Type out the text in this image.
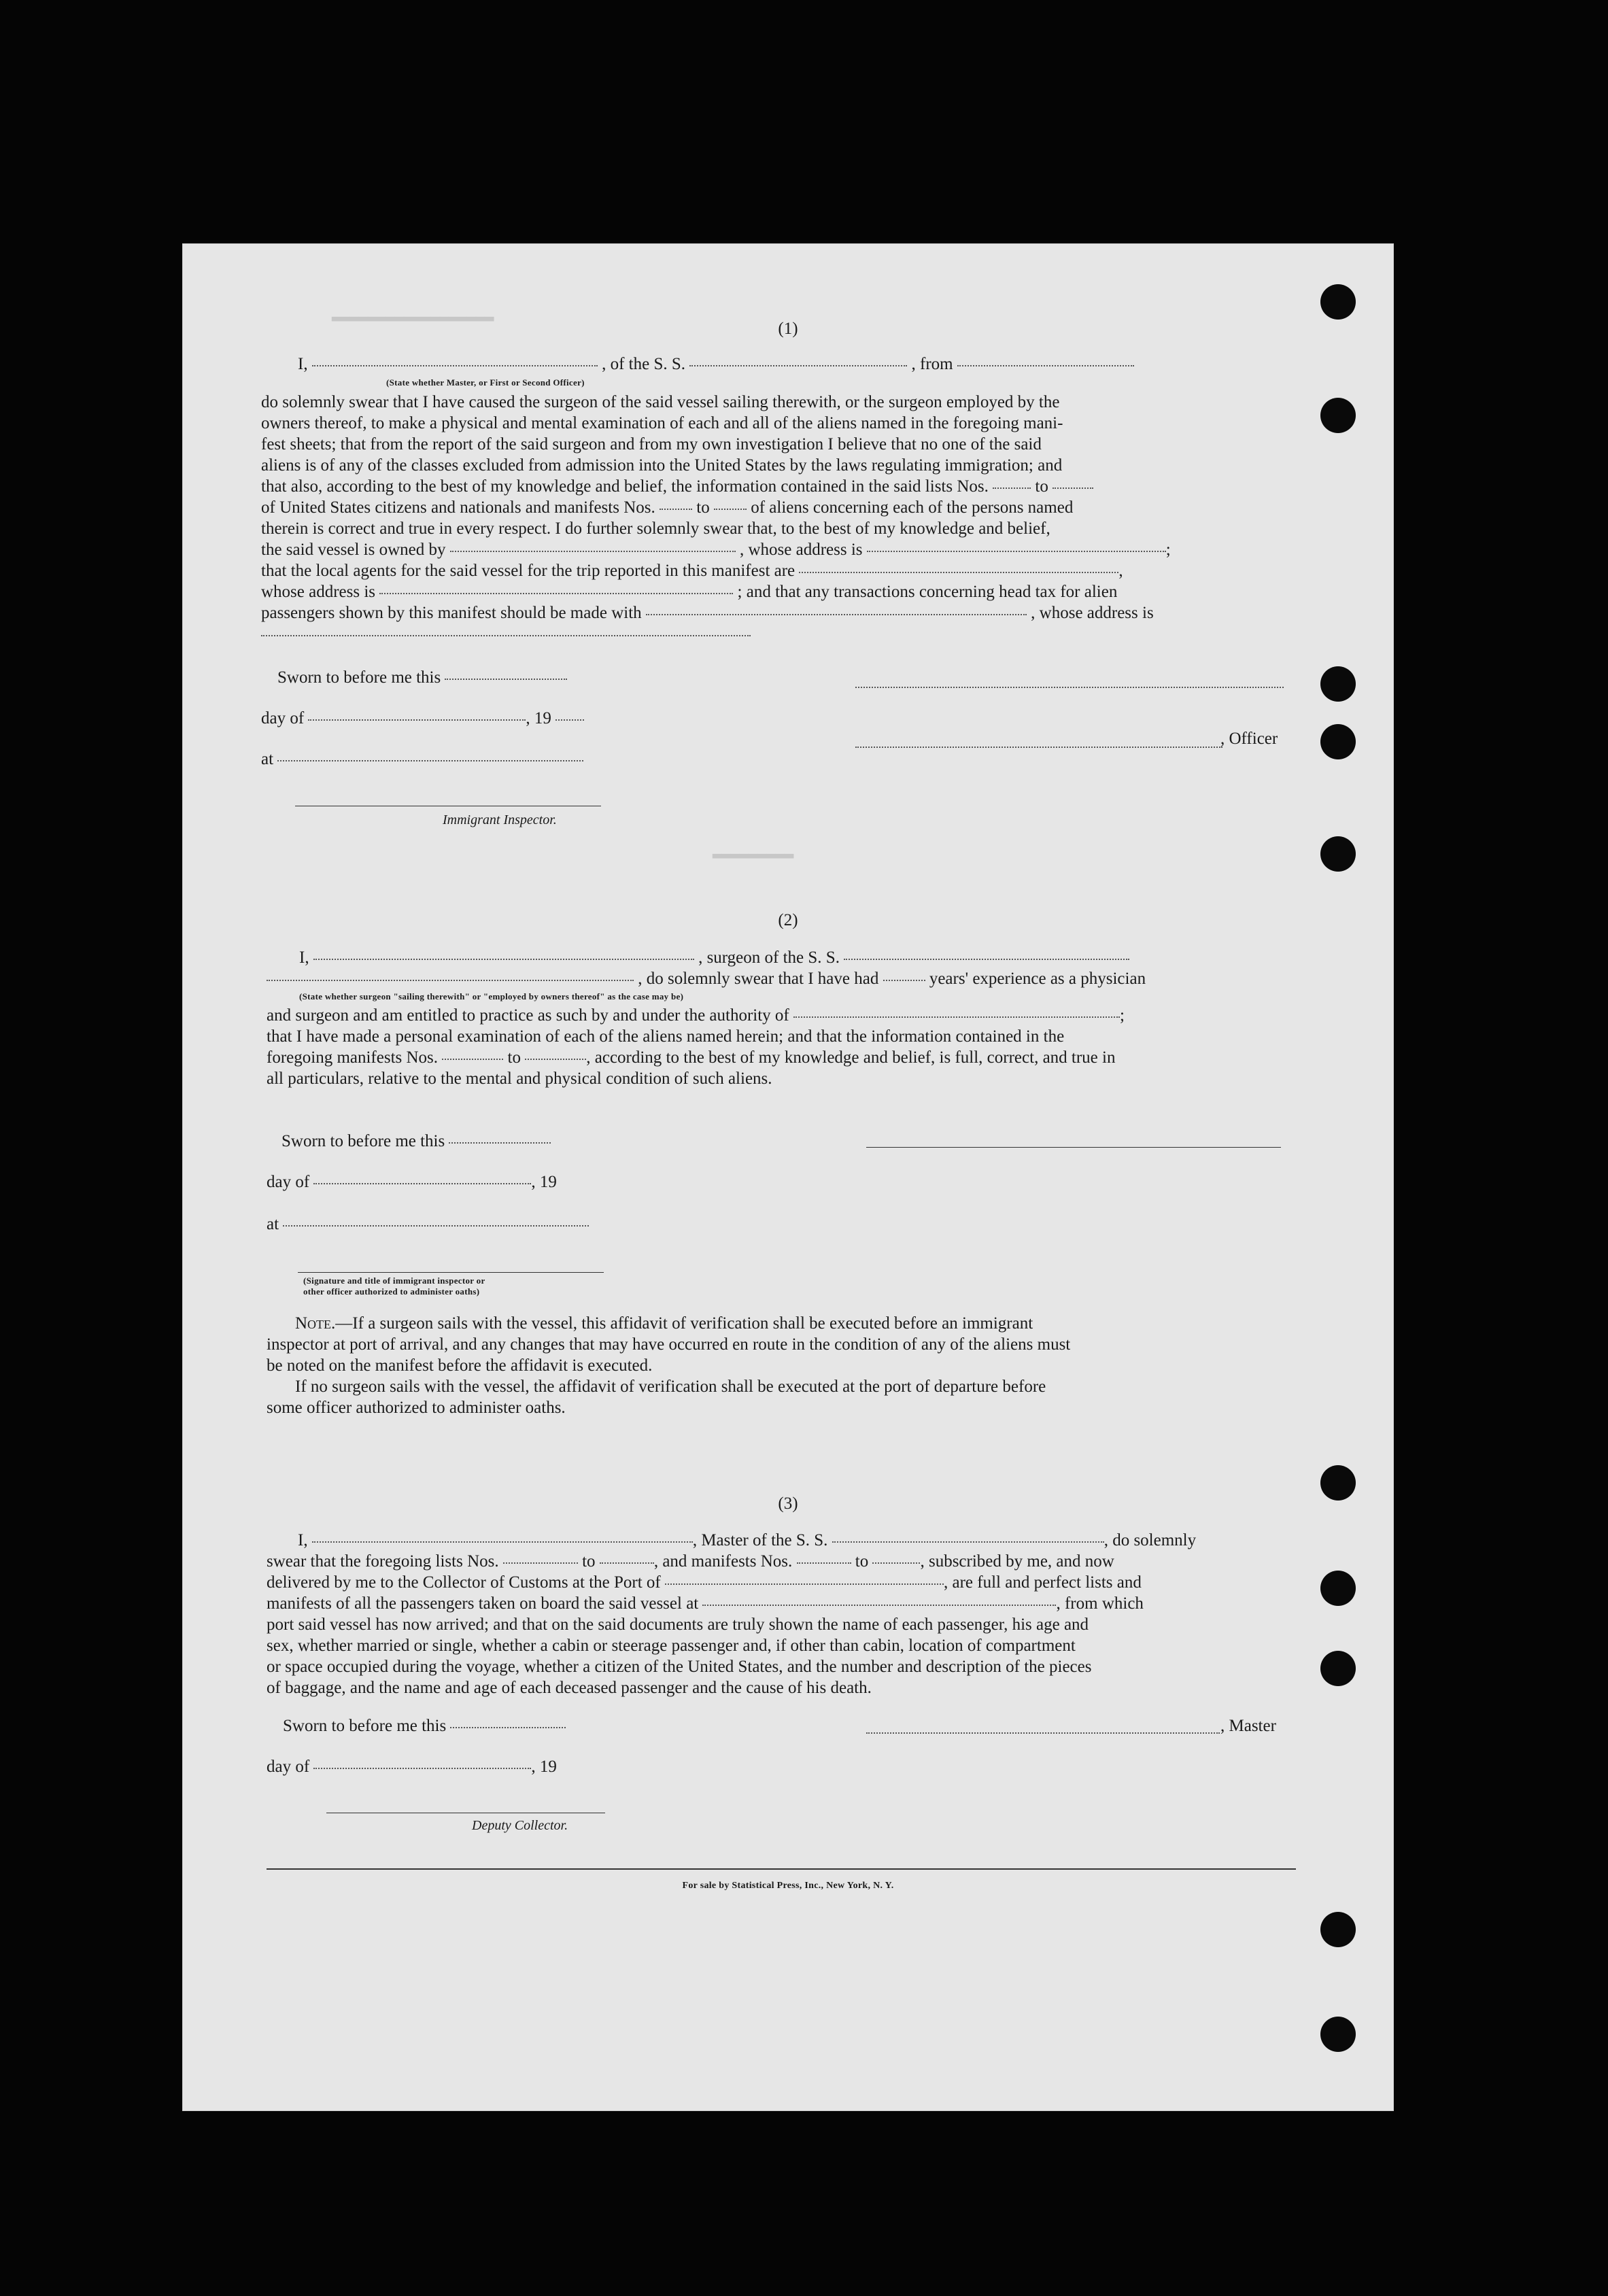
▂▂▂▂▂▂▂▂▂▂▂▂▂▂▂▂▂▂
▂▂▂▂▂▂▂▂▂
(1)
I,	, of the S. S.	, from
(State whether Master, or First or Second Officer)
do solemnly swear that I have caused the surgeon of the said vessel sailing therewith, or the surgeon employed by the
owners thereof, to make a physical and mental examination of each and all of the aliens named in the foregoing mani-
fest sheets; that from the report of the said surgeon and from my own investigation I believe that no one of the said
aliens is of any of the classes excluded from admission into the United States by the laws regulating immigration; and
that also, according to the best of my knowledge and belief, the information contained in the said lists Nos.	to
of United States citizens and nationals and manifests Nos. to of aliens concerning each of the persons named
therein is correct and true in every respect. I do further solemnly swear that, to the best of my knowledge and belief,
the said vessel is owned by	, whose address is	;
that the local agents for the said vessel for the trip reported in this manifest are	,
whose address is	; and that any transactions concerning head tax for alien
passengers shown by this manifest should be made with	, whose address is
Sworn to before me this
day of	, 19
at
Immigrant Inspector.
, Officer
(2)
I,	, surgeon of the S. S.
, do solemnly swear that I have had	years' experience as a physician
(State whether surgeon "sailing therewith" or "employed by owners thereof" as the case may be)
and surgeon and am entitled to practice as such by and under the authority of	;
that I have made a personal examination of each of the aliens named herein; and that the information contained in the
foregoing manifests Nos.	to	, according to the best of my knowledge and belief, is full, correct, and true in
all particulars, relative to the mental and physical condition of such aliens.
Sworn to before me this
day of	, 19
at
(Signature and title of immigrant inspector or
other officer authorized to administer oaths)
Note.—If a surgeon sails with the vessel, this affidavit of verification shall be executed before an immigrant
inspector at port of arrival, and any changes that may have occurred en route in the condition of any of the aliens must
be noted on the manifest before the affidavit is executed.
If no surgeon sails with the vessel, the affidavit of verification shall be executed at the port of departure before
some officer authorized to administer oaths.
(3)
I,	, Master of the S. S.	, do solemnly
swear that the foregoing lists Nos.	to	, and manifests Nos.	to	, subscribed by me, and now
delivered by me to the Collector of Customs at the Port of	, are full and perfect lists and
manifests of all the passengers taken on board the said vessel at	, from which
port said vessel has now arrived; and that on the said documents are truly shown the name of each passenger, his age and
sex, whether married or single, whether a cabin or steerage passenger and, if other than cabin, location of compartment
or space occupied during the voyage, whether a citizen of the United States, and the number and description of the pieces
of baggage, and the name and age of each deceased passenger and the cause of his death.
Sworn to before me this	, Master
day of	, 19
Deputy Collector.
For sale by Statistical Press, Inc., New York, N. Y.
